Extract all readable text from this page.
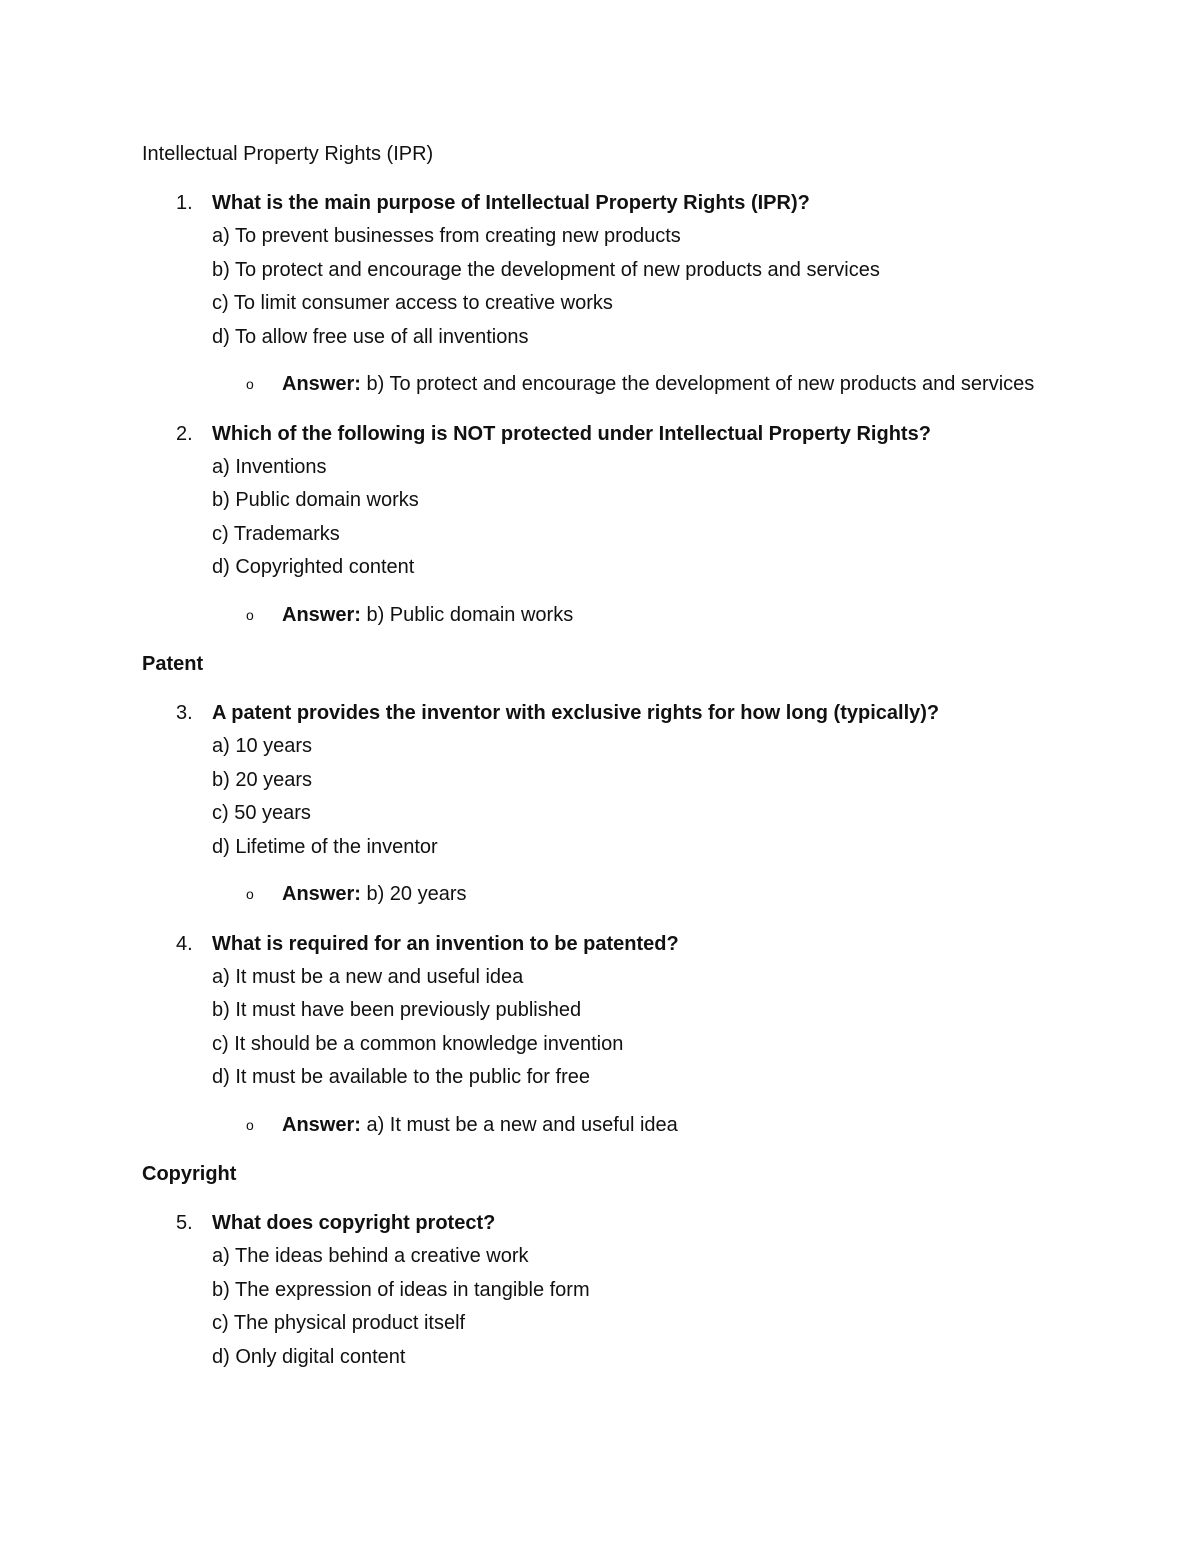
Intellectual Property Rights (IPR)
1. What is the main purpose of Intellectual Property Rights (IPR)?
a) To prevent businesses from creating new products
b) To protect and encourage the development of new products and services
c) To limit consumer access to creative works
d) To allow free use of all inventions
o Answer: b) To protect and encourage the development of new products and services
2. Which of the following is NOT protected under Intellectual Property Rights?
a) Inventions
b) Public domain works
c) Trademarks
d) Copyrighted content
o Answer: b) Public domain works
Patent
3. A patent provides the inventor with exclusive rights for how long (typically)?
a) 10 years
b) 20 years
c) 50 years
d) Lifetime of the inventor
o Answer: b) 20 years
4. What is required for an invention to be patented?
a) It must be a new and useful idea
b) It must have been previously published
c) It should be a common knowledge invention
d) It must be available to the public for free
o Answer: a) It must be a new and useful idea
Copyright
5. What does copyright protect?
a) The ideas behind a creative work
b) The expression of ideas in tangible form
c) The physical product itself
d) Only digital content
